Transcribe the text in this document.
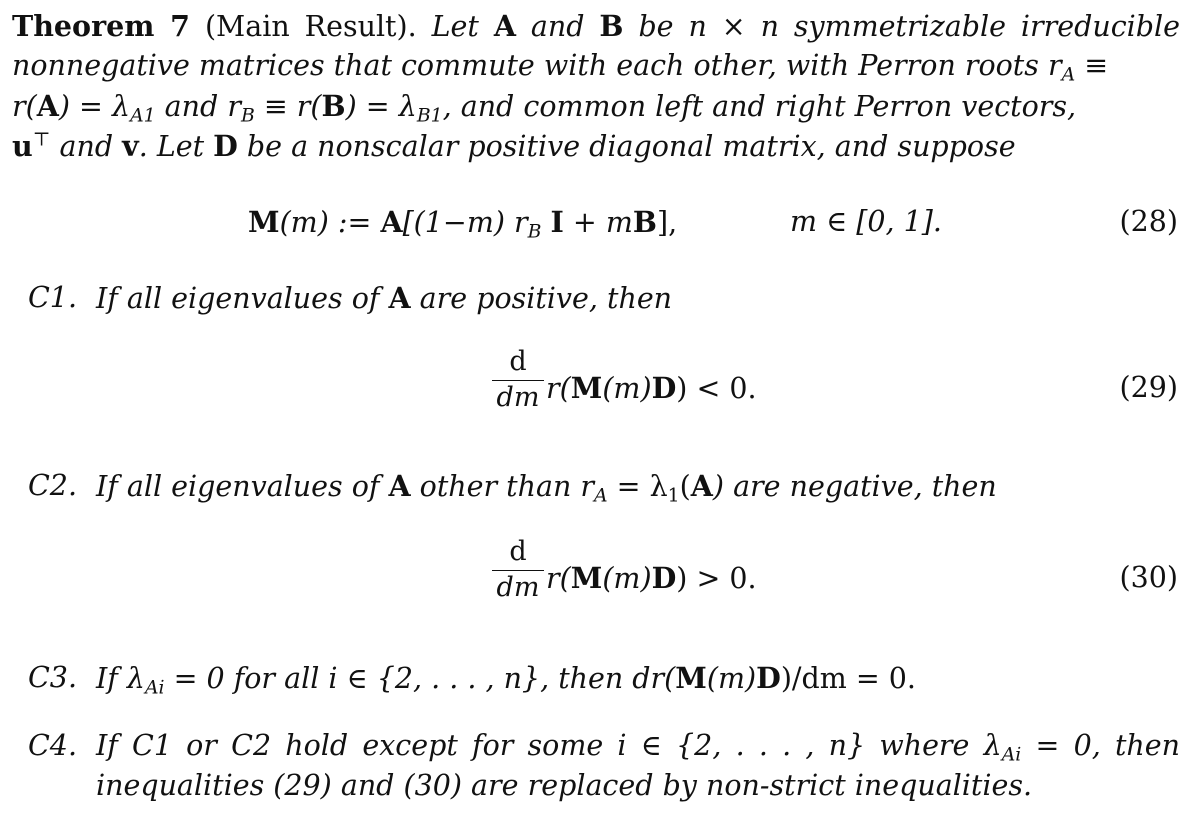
Theorem 7 (Main Result). Let A and B be n × n symmetrizable irreducible
nonnegative matrices that commute with each other, with Perron roots $r_A$ ≡
$r(A) = \lambda_{A1}$ and $r_B \equiv r(B) = \lambda_{B1}$, and common left and right Perron vectors,
u⊤ and v. Let D be a nonscalar positive diagonal matrix, and suppose
M(m) := A[(1−m) $r_B$ I + mB],	m ∈ [0, 1].	(28)
C1. If all eigenvalues of A are positive, then
d
dm r(M(m)D) < 0.	(29)
C2. If all eigenvalues of A other than $r_A = \lambda_1(A)$ are negative, then
d
dm r(M(m)D) > 0.	(30)
C3. If $\lambda_{Ai} = 0$ for all i ∈ {2, . . . , n}, then dr(M(m)D)/dm = 0.
C4. If C1 or C2 hold except for some i ∈ {2, . . . , n} where $\lambda_{Ai} = 0$, then
inequalities (29) and (30) are replaced by non-strict inequalities.
